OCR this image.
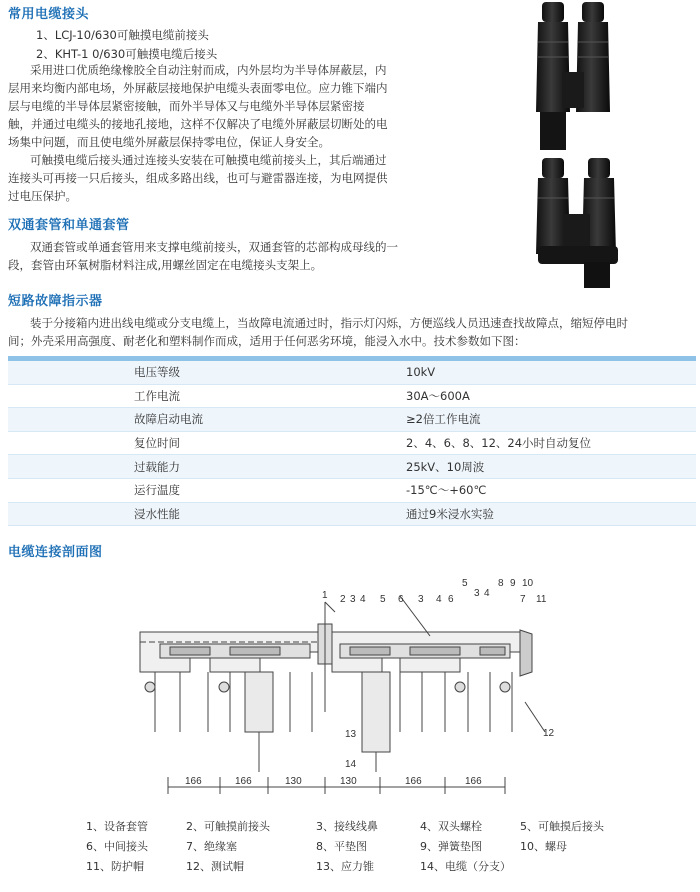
常用电缆接头
1、LCJ-10/630可触摸电缆前接头
2、KHT-1 0/630可触摸电缆后接头
采用进口优质绝缘橡胶全自动注射而成，内外层均为半导体屏蔽层，内
层用来均衡内部电场，外屏蔽层接地保护电缆头表面零电位。应力锥下端内
层与电缆的半导体层紧密接触，而外半导体又与电缆外半导体层紧密接
触，并通过电缆头的接地孔接地，这样不仅解决了电缆外屏蔽层切断处的电
场集中问题，而且使电缆外屏蔽层保持零电位，保证人身安全。
可触摸电缆后接头通过连接头安装在可触摸电缆前接头上，其后端通过
连接头可再接一只后接头，组成多路出线，也可与避雷器连接，为电网提供
过电压保护。
双通套管和单通套管
双通套管或单通套管用来支撑电缆前接头，双通套管的芯部构成母线的一
段，套管由环氧树脂材料注成,用螺丝固定在电缆接头支架上。
短路故障指示器
装于分接箱内进出线电缆或分支电缆上，当故障电流通过时，指示灯闪烁，方便巡线人员迅速查找故障点，缩短停电时
间；外壳采用高强度、耐老化和塑料制作而成，适用于任何恶劣环境，能浸入水中。技术参数如下图：
电压等级	10kV
工作电流	30A～600A
故障启动电流	≥2倍工作电流
复位时间	2、4、6、8、12、24小时自动复位
过载能力	25kV、10周波
运行温度	-15℃～+60℃
浸水性能	通过9米浸水实验
电缆连接剖面图
1 2 3 4 5 6 3 4 6
5
3 4
8 9 10
7 11
12
13
14
166	166	130	130	166	166
1、设备套管	2、可触摸前接头	3、接线线鼻	4、双头螺栓	5、可触摸后接头
6、中间接头	7、绝缘塞	8、平垫图	9、弹簧垫图	10、螺母
11、防护帽	12、测试帽	13、应力锥	14、电缆（分支）
